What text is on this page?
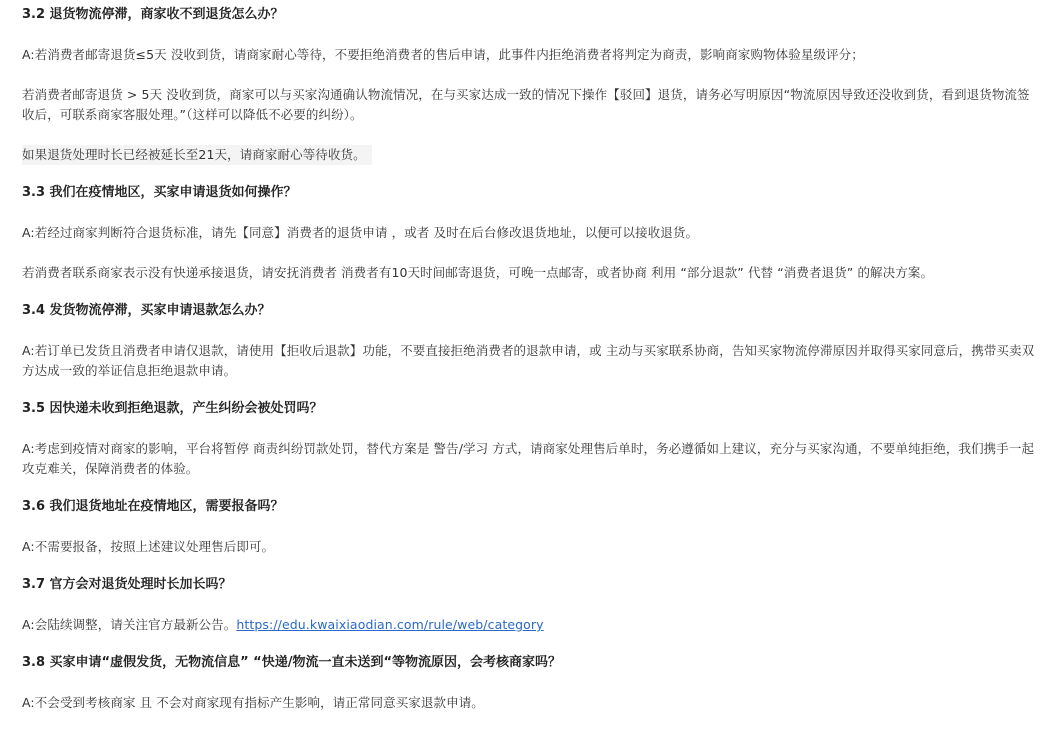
3.2 退货物流停滞，商家收不到退货怎么办？

A:若消费者邮寄退货≤5天 没收到货，请商家耐心等待，不要拒绝消费者的售后申请，此事件内拒绝消费者将判定为商责，影响商家购物体验星级评分；

若消费者邮寄退货 > 5天 没收到货，商家可以与买家沟通确认物流情况，在与买家达成一致的情况下操作【驳回】退货，请务必写明原因“物流原因导致还没收到货，看到退货物流签收后，可联系商家客服处理。”（这样可以降低不必要的纠纷）。

如果退货处理时长已经被延长至21天，请商家耐心等待收货。

3.3 我们在疫情地区，买家申请退货如何操作？

A:若经过商家判断符合退货标准，请先【同意】消费者的退货申请 ，或者 及时在后台修改退货地址，以便可以接收退货。

若消费者联系商家表示没有快递承接退货，请安抚消费者 消费者有10天时间邮寄退货，可晚一点邮寄，或者协商 利用 “部分退款” 代替 “消费者退货” 的解决方案。

3.4 发货物流停滞，买家申请退款怎么办？

A:若订单已发货且消费者申请仅退款，请使用【拒收后退款】功能，不要直接拒绝消费者的退款申请，或 主动与买家联系协商，告知买家物流停滞原因并取得买家同意后，携带买卖双方达成一致的举证信息拒绝退款申请。

3.5 因快递未收到拒绝退款，产生纠纷会被处罚吗？

A:考虑到疫情对商家的影响，平台将暂停 商责纠纷罚款处罚，替代方案是 警告/学习 方式，请商家处理售后单时，务必遵循如上建议，充分与买家沟通，不要单纯拒绝，我们携手一起攻克难关，保障消费者的体验。

3.6 我们退货地址在疫情地区，需要报备吗？

A:不需要报备，按照上述建议处理售后即可。

3.7 官方会对退货处理时长加长吗？

A:会陆续调整，请关注官方最新公告。https://edu.kwaixiaodian.com/rule/web/category

3.8 买家申请“虚假发货，无物流信息” “快递/物流一直未送到“等物流原因，会考核商家吗？

A:不会受到考核商家 且 不会对商家现有指标产生影响，请正常同意买家退款申请。
